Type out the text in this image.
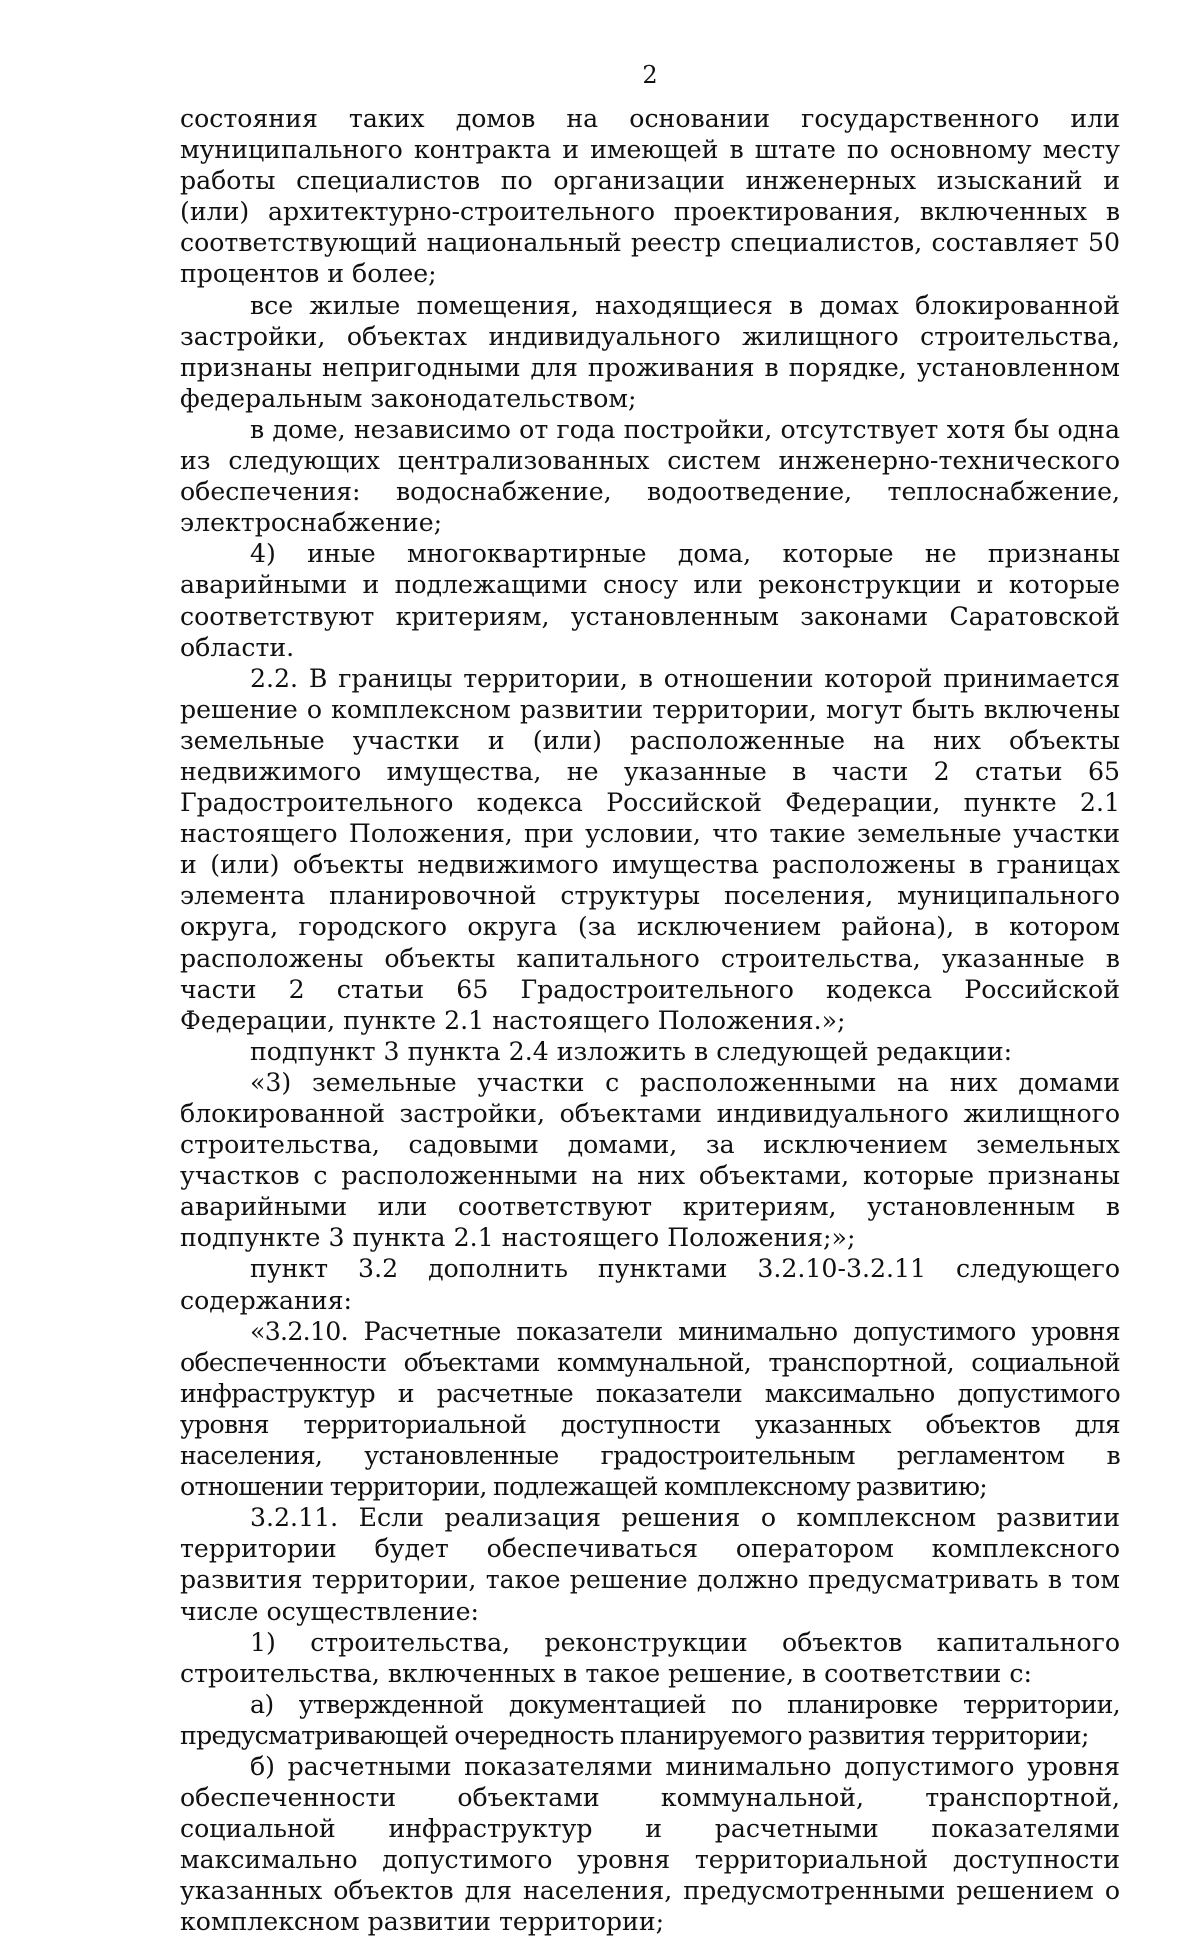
2

состояния таких домов на основании государственного или муниципального контракта и имеющей в штате по основному месту работы специалистов по организации инженерных изысканий и (или) архитектурно-строительного проектирования, включенных в соответствующий национальный реестр специалистов, составляет 50 процентов и более;

все жилые помещения, находящиеся в домах блокированной застройки, объектах индивидуального жилищного строительства, признаны непригодными для проживания в порядке, установленном федеральным законодательством;

в доме, независимо от года постройки, отсутствует хотя бы одна из следующих централизованных систем инженерно-технического обеспечения: водоснабжение, водоотведение, теплоснабжение, электроснабжение;

4) иные многоквартирные дома, которые не признаны аварийными и подлежащими сносу или реконструкции и которые соответствуют критериям, установленным законами Саратовской области.

2.2. В границы территории, в отношении которой принимается решение о комплексном развитии территории, могут быть включены земельные участки и (или) расположенные на них объекты недвижимого имущества, не указанные в части 2 статьи 65 Градостроительного кодекса Российской Федерации, пункте 2.1 настоящего Положения, при условии, что такие земельные участки и (или) объекты недвижимого имущества расположены в границах элемента планировочной структуры поселения, муниципального округа, городского округа (за исключением района), в котором расположены объекты капитального строительства, указанные в части 2 статьи 65 Градостроительного кодекса Российской Федерации, пункте 2.1 настоящего Положения.»;

подпункт 3 пункта 2.4 изложить в следующей редакции:

«3) земельные участки с расположенными на них домами блокированной застройки, объектами индивидуального жилищного строительства, садовыми домами, за исключением земельных участков с расположенными на них объектами, которые признаны аварийными или соответствуют критериям, установленным в подпункте 3 пункта 2.1 настоящего Положения;»;

пункт 3.2 дополнить пунктами 3.2.10-3.2.11 следующего содержания:

«3.2.10. Расчетные показатели минимально допустимого уровня обеспеченности объектами коммунальной, транспортной, социальной инфраструктур и расчетные показатели максимально допустимого уровня территориальной доступности указанных объектов для населения, установленные градостроительным регламентом в отношении территории, подлежащей комплексному развитию;

3.2.11. Если реализация решения о комплексном развитии территории будет обеспечиваться оператором комплексного развития территории, такое решение должно предусматривать в том числе осуществление:

1) строительства, реконструкции объектов капитального строительства, включенных в такое решение, в соответствии с:

а) утвержденной документацией по планировке территории, предусматривающей очередность планируемого развития территории;

б) расчетными показателями минимально допустимого уровня обеспеченности объектами коммунальной, транспортной, социальной инфраструктур и расчетными показателями максимально допустимого уровня территориальной доступности указанных объектов для населения, предусмотренными решением о комплексном развитии территории;
